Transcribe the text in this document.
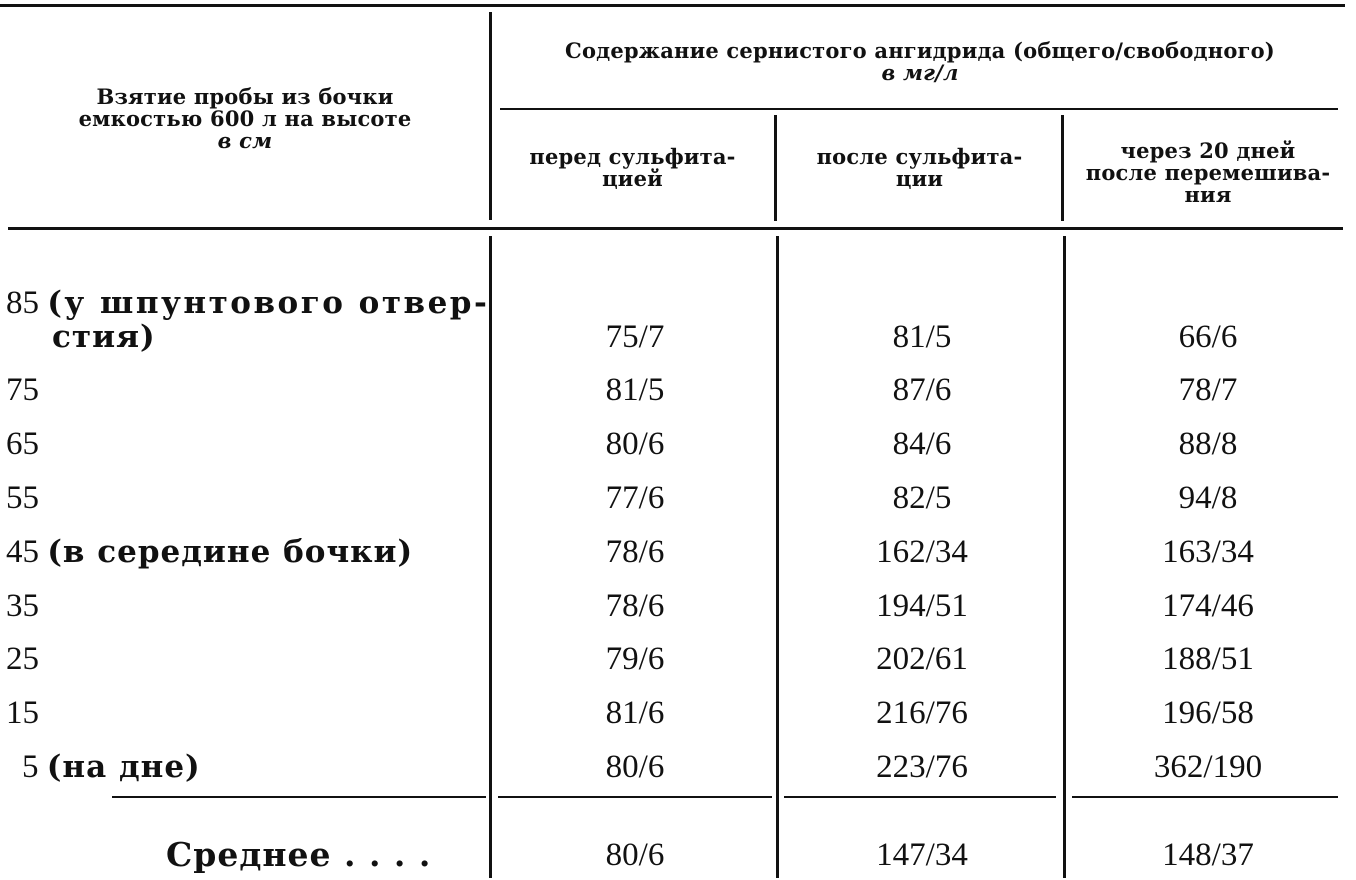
Взятие пробы из бочки
емкостью 600 л на высоте
в см
Содержание сернистого ангидрида (общего/свободного)
в мг/л
перед сульфита-
цией
после сульфита-
ции
через 20 дней
после перемешива-
ния
85 (у шпунтового отвер-
стия)	75/7	81/5	66/6
75	81/5	87/6	78/7
65	80/6	84/6	88/8
55	77/6	82/5	94/8
45 (в середине бочки)	78/6	162/34	163/34
35	78/6	194/51	174/46
25	79/6	202/61	188/51
15	81/6	216/76	196/58
5 (на дне)	80/6	223/76	362/190
Среднее . . . .	80/6	147/34	148/37
